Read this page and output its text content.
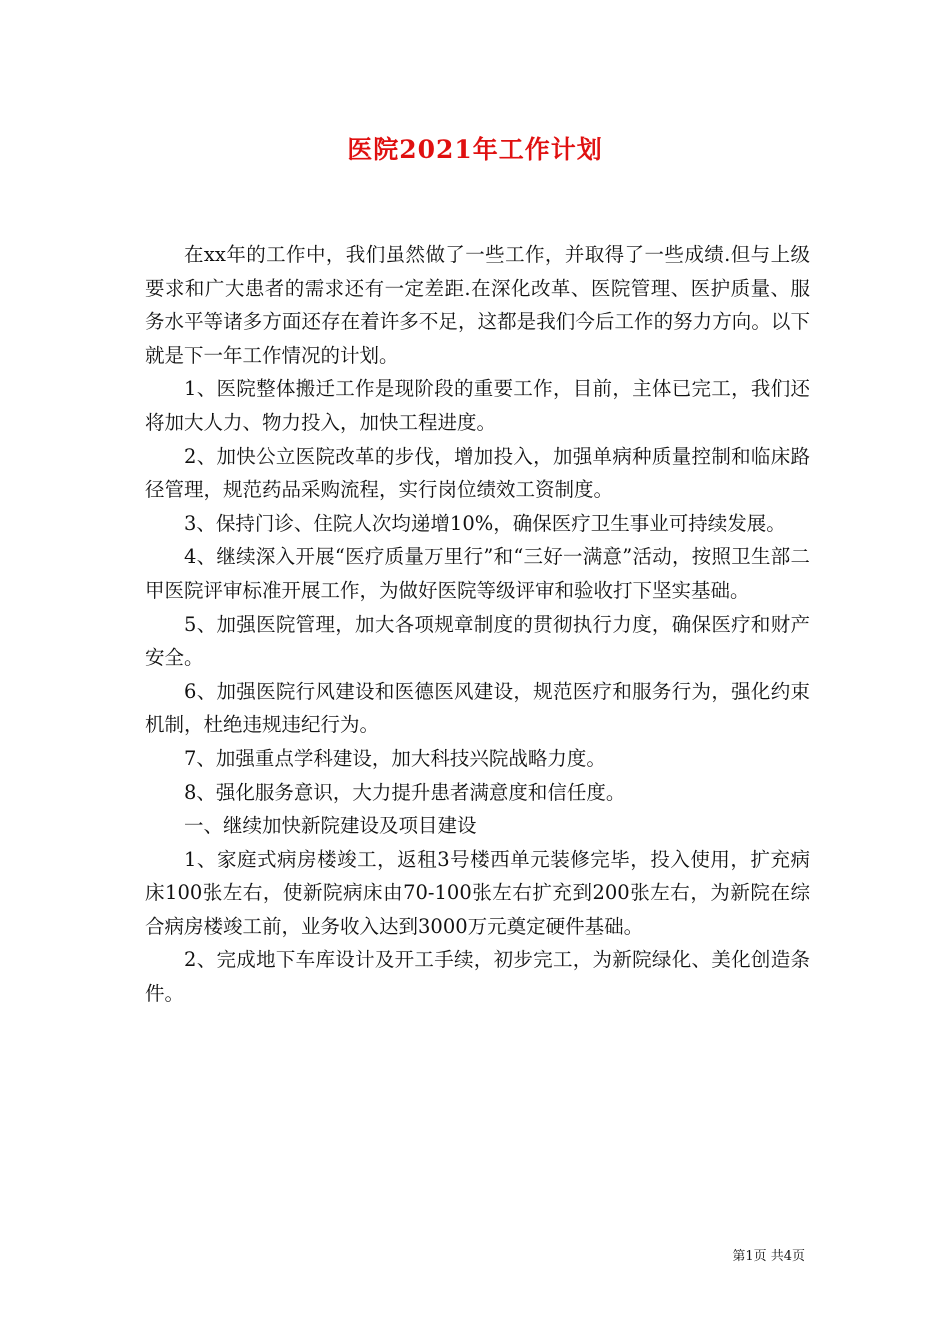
医院2021年工作计划

在xx年的工作中，我们虽然做了一些工作，并取得了一些成绩.但与上级要求和广大患者的需求还有一定差距.在深化改革、医院管理、医护质量、服务水平等诸多方面还存在着许多不足，这都是我们今后工作的努力方向。以下就是下一年工作情况的计划。

1、医院整体搬迁工作是现阶段的重要工作，目前，主体已完工，我们还将加大人力、物力投入，加快工程进度。

2、加快公立医院改革的步伐，增加投入，加强单病种质量控制和临床路径管理，规范药品采购流程，实行岗位绩效工资制度。

3、保持门诊、住院人次均递增10%，确保医疗卫生事业可持续发展。

4、继续深入开展“医疗质量万里行”和“三好一满意”活动，按照卫生部二甲医院评审标准开展工作，为做好医院等级评审和验收打下坚实基础。

5、加强医院管理，加大各项规章制度的贯彻执行力度，确保医疗和财产安全。

6、加强医院行风建设和医德医风建设，规范医疗和服务行为，强化约束机制，杜绝违规违纪行为。

7、加强重点学科建设，加大科技兴院战略力度。

8、强化服务意识，大力提升患者满意度和信任度。

一、继续加快新院建设及项目建设

1、家庭式病房楼竣工，返租3号楼西单元装修完毕，投入使用，扩充病床100张左右，使新院病床由70-100张左右扩充到200张左右，为新院在综合病房楼竣工前，业务收入达到3000万元奠定硬件基础。

2、完成地下车库设计及开工手续，初步完工，为新院绿化、美化创造条件。

第1页 共4页
